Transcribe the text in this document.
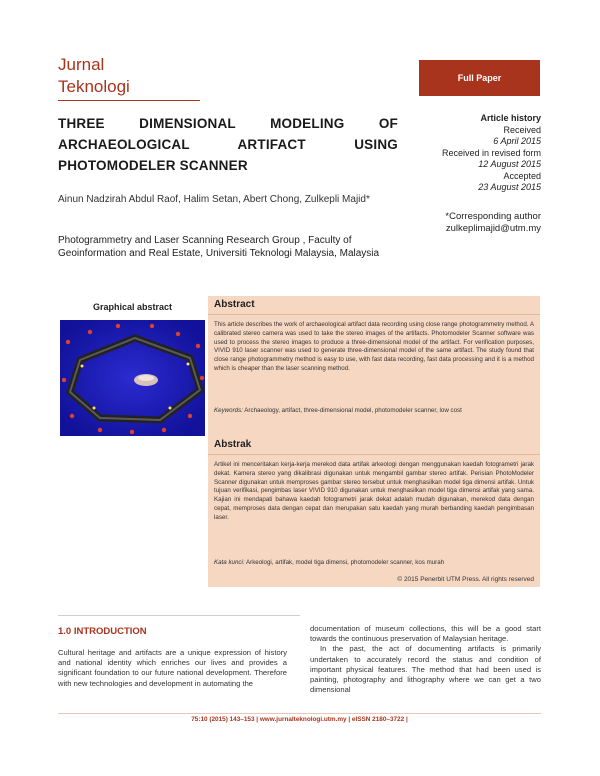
Jurnal
Teknologi	Full Paper
THREE DIMENSIONAL MODELING OF ARCHAEOLOGICAL ARTIFACT USING PHOTOMODELER SCANNER
Ainun Nadzirah Abdul Raof, Halim Setan, Abert Chong, Zulkepli Majid*
Photogrammetry and Laser Scanning Research Group , Faculty of Geoinformation and Real Estate, Universiti Teknologi Malaysia, Malaysia
Article history
Received
6 April 2015
Received in revised form
12 August 2015
Accepted
23 August 2015
*Corresponding author
zulkeplimajid@utm.my
Graphical abstract	Abstract
This article describes the work of archaeological artifact data recording using close range photogrammetry method. A calibrated stereo camera was used to take the stereo images of the artifacts. Photomodeler Scanner software was used to process the stereo images to produce a three-dimensional model of the artifact. For verification purposes, VIVID 910 laser scanner was used to generate three-dimensional model of the same artifact. The study found that close range photogrammetry method is easy to use, with fast data recording, fast data processing and it is a method which is cheaper than the laser scanning method.
Keywords: Archaeology, artifact, three-dimensional model, photomodeler scanner, low cost
Abstrak
Artikel ini menceritakan kerja-kerja merekod data artifak arkeologi dengan menggunakan kaedah fotogrametri jarak dekat. Kamera stereo yang dikalibrasi digunakan untuk mengambil gambar stereo artifak. Perisian PhotoModeler Scanner digunakan untuk memproses gambar stereo tersebut untuk menghasilkan model tiga dimensi artifak. Untuk tujuan verifikasi, pengimbas laser VIVID 910 digunakan untuk menghasilkan model tiga dimensi artifak yang sama. Kajian ini mendapati bahawa kaedah fotogrametri jarak dekat adalah mudah digunakan, merekod data dengan cepat, memproses data dengan cepat dan merupakan satu kaedah yang murah berbanding kaedah pengimbasan laser.
Kata kunci: Arkeologi, artifak, model tiga dimensi, photomodeler scanner, kos murah
© 2015 Penerbit UTM Press. All rights reserved
1.0 INTRODUCTION
Cultural heritage and artifacts are a unique expression of history and national identity which enriches our lives and provides a significant foundation to our future national development. Therefore with new technologies and development in automating the
documentation of museum collections, this will be a good start towards the continuous preservation of Malaysian heritage.
In the past, the act of documenting artifacts is primarily undertaken to accurately record the status and condition of important physical features. The method that had been used is painting, photography and lithography where we can get a two dimensional
75:10 (2015) 143–153 | www.jurnalteknologi.utm.my | eISSN 2180–3722 |
